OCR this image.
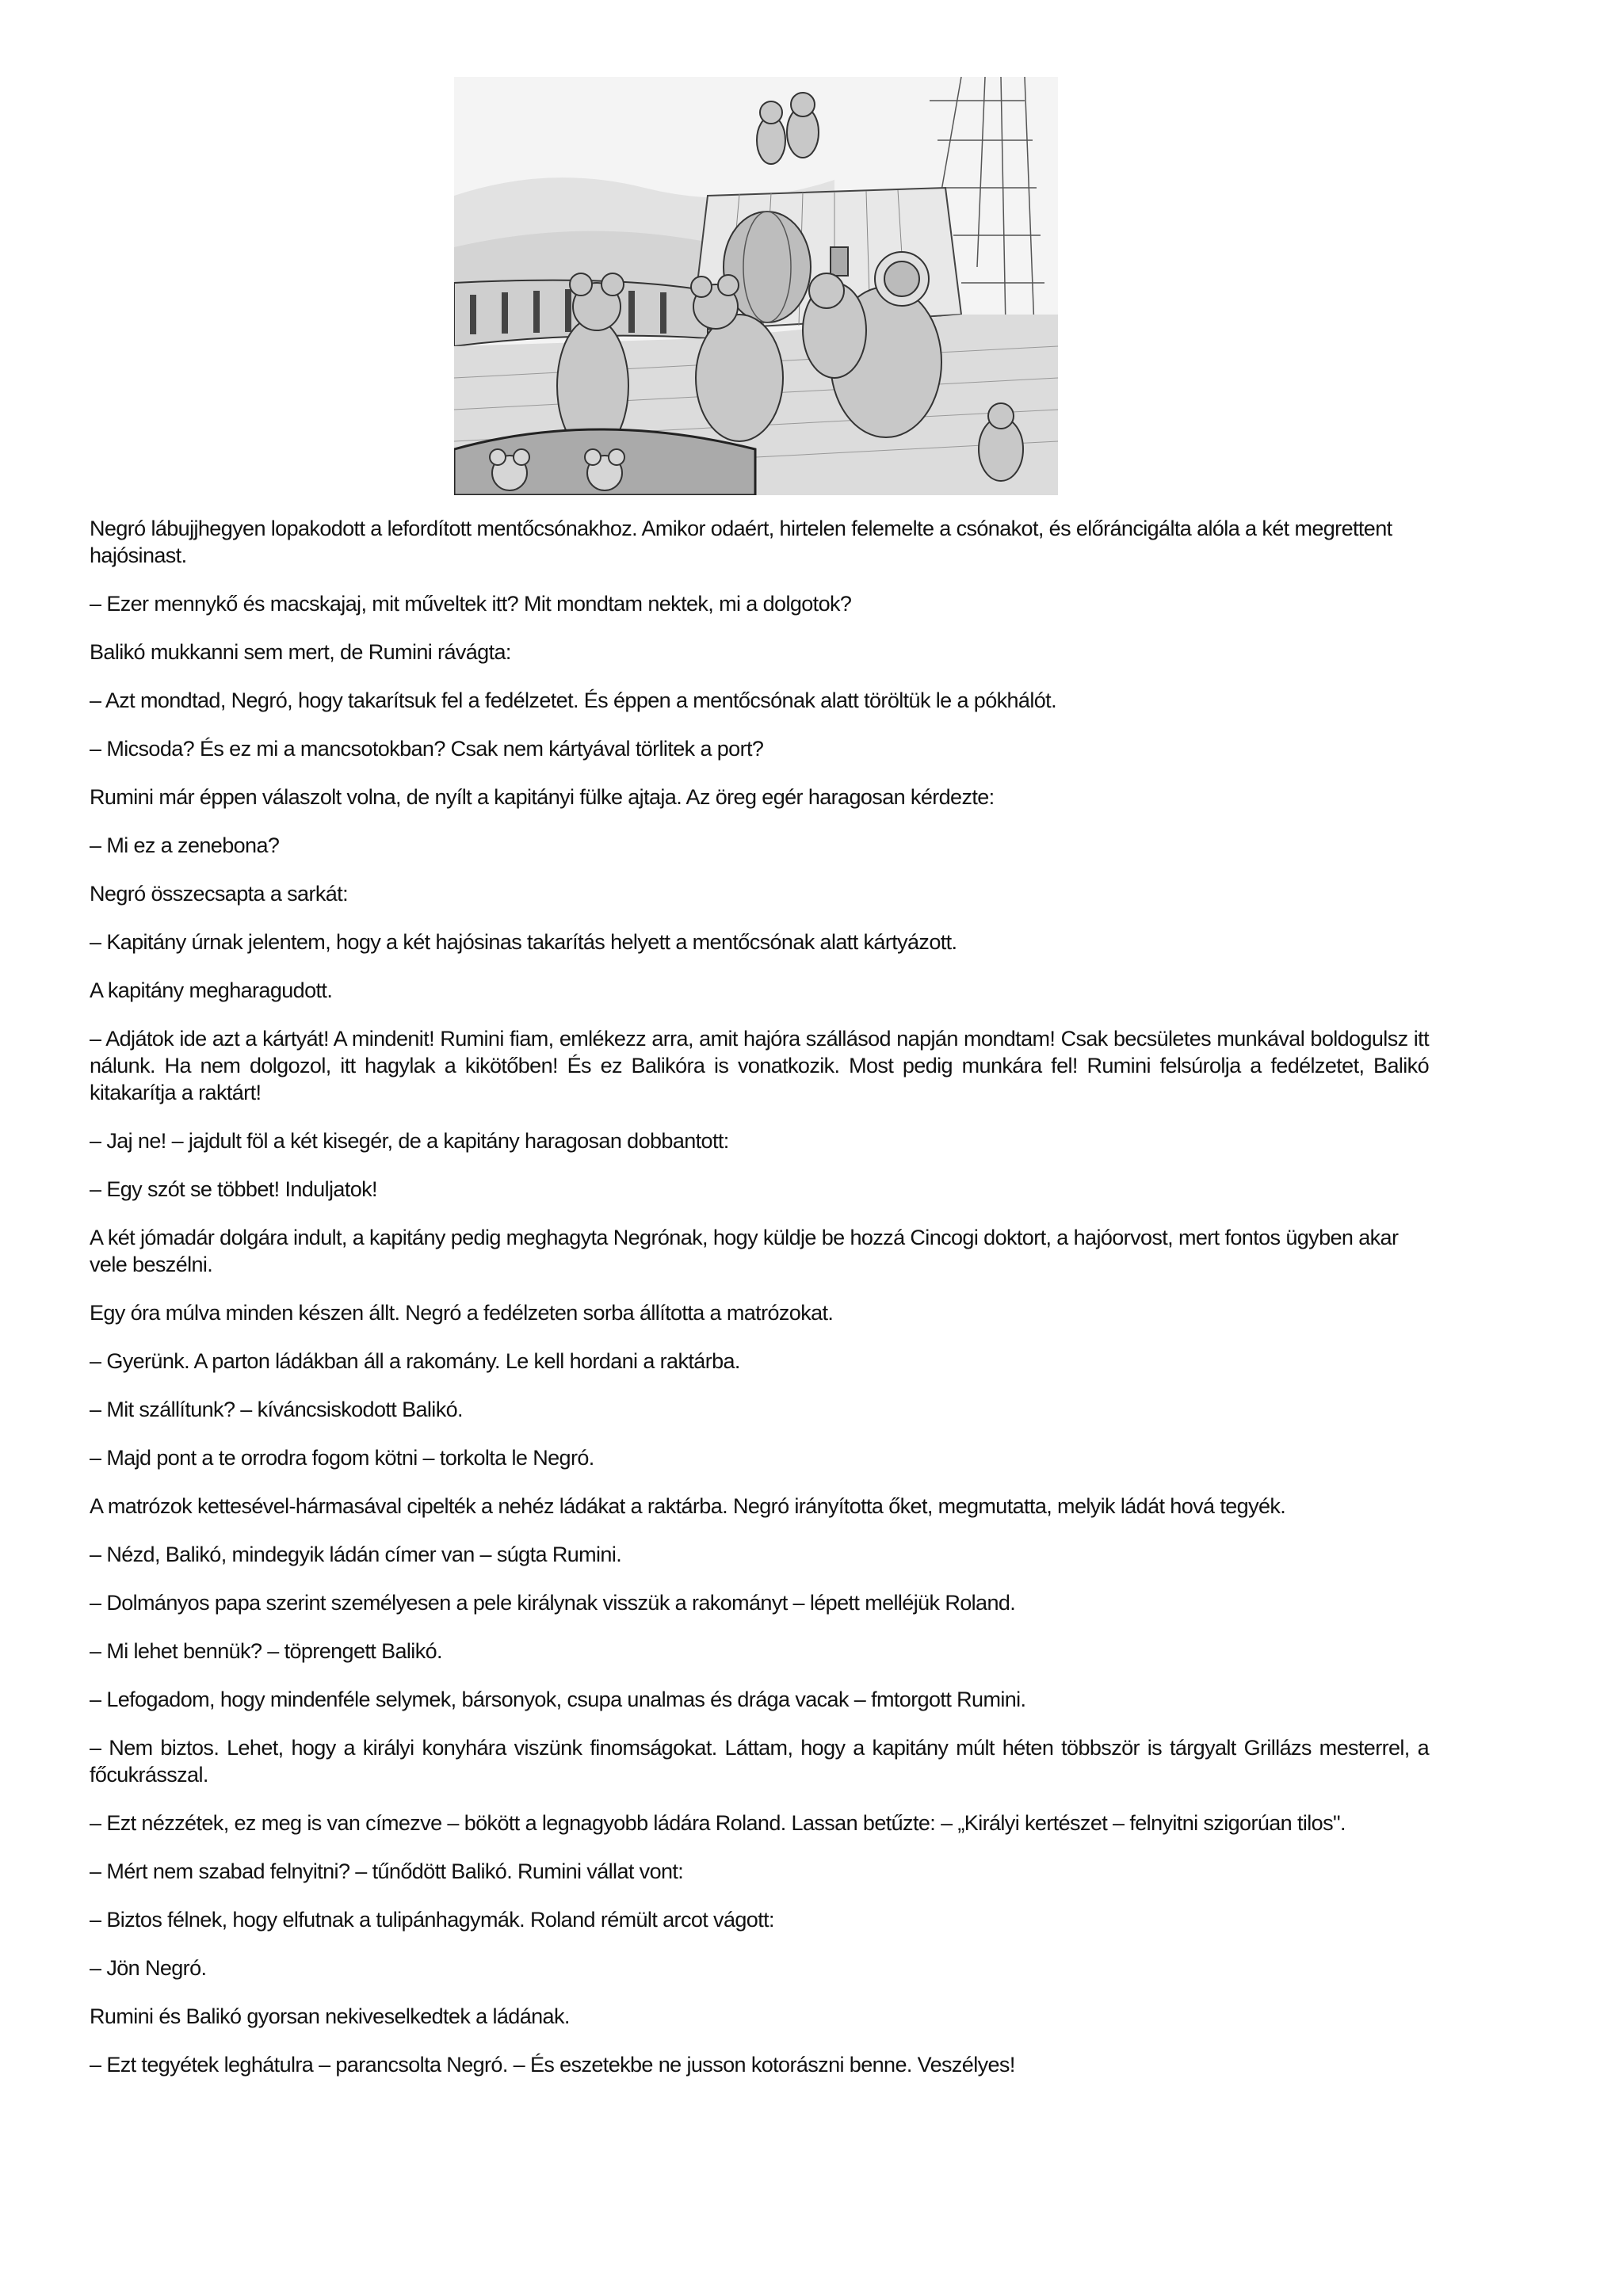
Negró lábujjhegyen lopakodott a lefordított mentőcsónakhoz. Amikor odaért, hirtelen felemelte a csónakot, és előráncigálta alóla a két megrettent hajósinast.

– Ezer mennykő és macskajaj, mit műveltek itt? Mit mondtam nektek, mi a dolgotok?

Balikó mukkanni sem mert, de Rumini rávágta:

– Azt mondtad, Negró, hogy takarítsuk fel a fedélzetet. És éppen a mentőcsónak alatt töröltük le a pókhálót.

– Micsoda? És ez mi a mancsotokban? Csak nem kártyával törlitek a port?

Rumini már éppen válaszolt volna, de nyílt a kapitányi fülke ajtaja. Az öreg egér haragosan kérdezte:

– Mi ez a zenebona?

Negró összecsapta a sarkát:

– Kapitány úrnak jelentem, hogy a két hajósinas takarítás helyett a mentőcsónak alatt kártyázott.

A kapitány megharagudott.

– Adjátok ide azt a kártyát! A mindenit! Rumini fiam, emlékezz arra, amit hajóra szállásod napján mondtam! Csak becsületes munkával boldogulsz itt nálunk. Ha nem dolgozol, itt hagylak a kikötőben! És ez Balikóra is vonatkozik. Most pedig munkára fel! Rumini felsúrolja a fedélzetet, Balikó kitakarítja a raktárt!

– Jaj ne! – jajdult föl a két kisegér, de a kapitány haragosan dobbantott:

– Egy szót se többet! Induljatok!

A két jómadár dolgára indult, a kapitány pedig meghagyta Negrónak, hogy küldje be hozzá Cincogi doktort, a hajóorvost, mert fontos ügyben akar vele beszélni.

Egy óra múlva minden készen állt. Negró a fedélzeten sorba állította a matrózokat.

– Gyerünk. A parton ládákban áll a rakomány. Le kell hordani a raktárba.

– Mit szállítunk? – kíváncsiskodott Balikó.

– Majd pont a te orrodra fogom kötni – torkolta le Negró.

A matrózok kettesével-hármasával cipelték a nehéz ládákat a raktárba. Negró irányította őket, megmutatta, melyik ládát hová tegyék.

– Nézd, Balikó, mindegyik ládán címer van – súgta Rumini.

– Dolmányos papa szerint személyesen a pele királynak visszük a rakományt – lépett melléjük Roland.

– Mi lehet bennük? – töprengett Balikó.

– Lefogadom, hogy mindenféle selymek, bársonyok, csupa unalmas és drága vacak – fmtorgott Rumini.

– Nem biztos. Lehet, hogy a királyi konyhára viszünk finomságokat. Láttam, hogy a kapitány múlt héten többször is tárgyalt Grillázs mesterrel, a főcukrásszal.

– Ezt nézzétek, ez meg is van címezve – bökött a legnagyobb ládára Roland. Lassan betűzte: – „Királyi kertészet – felnyitni szigorúan tilos".

– Mért nem szabad felnyitni? – tűnődött Balikó. Rumini vállat vont:

– Biztos félnek, hogy elfutnak a tulipánhagymák. Roland rémült arcot vágott:

– Jön Negró.

Rumini és Balikó gyorsan nekiveselkedtek a ládának.

– Ezt tegyétek leghátulra – parancsolta Negró. – És eszetekbe ne jusson kotorászni benne. Veszélyes!
